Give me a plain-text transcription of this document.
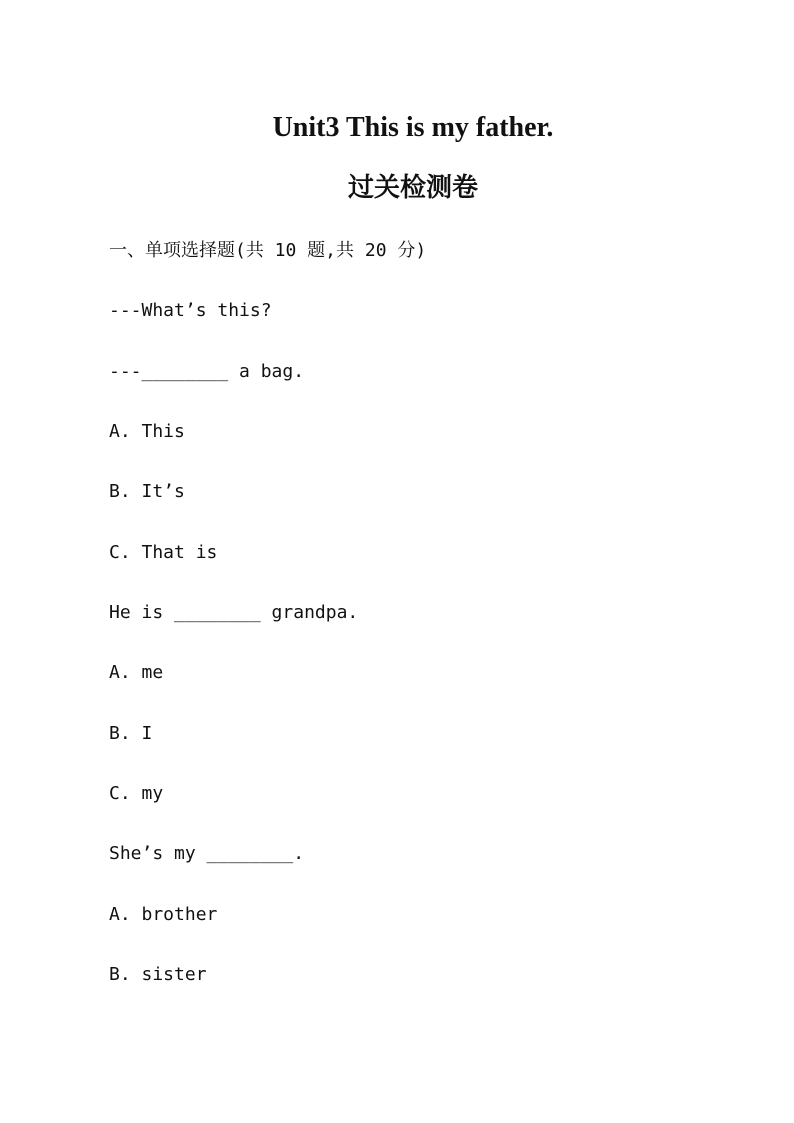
Unit3 This is my father.
过关检测卷

一、单项选择题(共 10 题,共 20 分)

---What’s this?

---________ a bag.

A. This

B. It’s

C. That is

He is ________ grandpa.

A. me

B. I

C. my

She’s my ________.

A. brother

B. sister
